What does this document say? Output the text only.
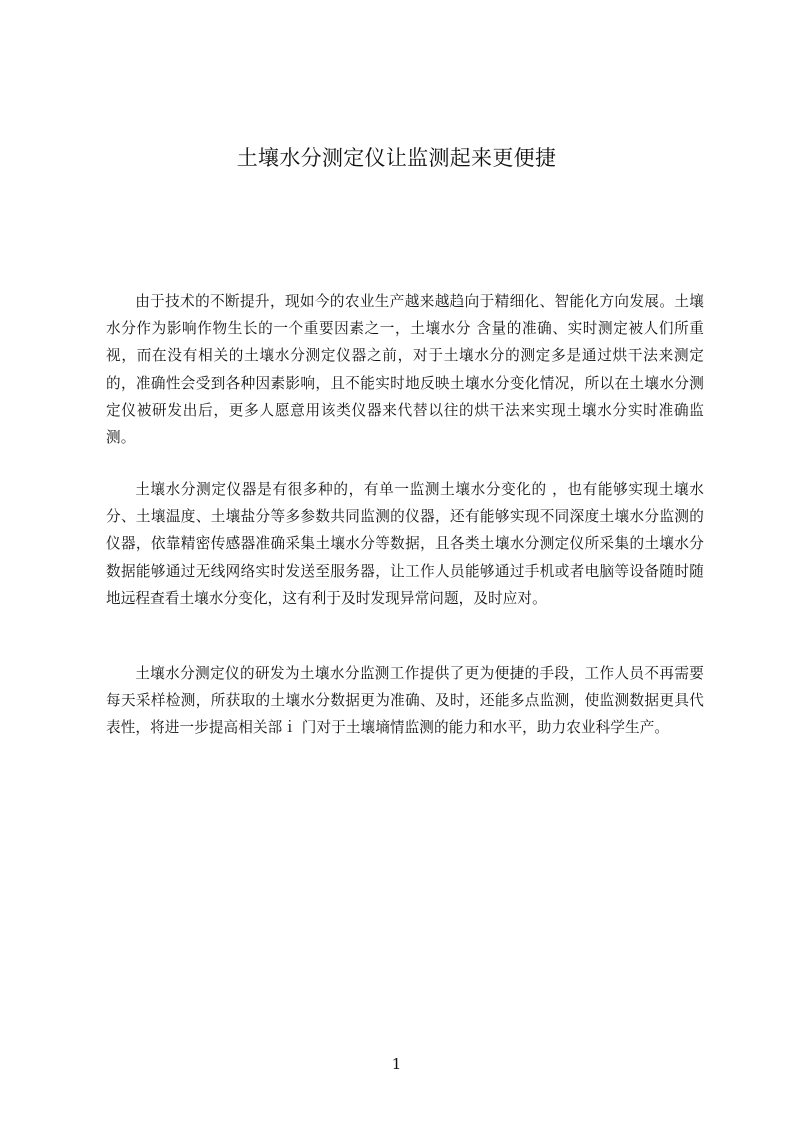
土壤水分测定仪让监测起来更便捷

由于技术的不断提升，现如今的农业生产越来越趋向于精细化、智能化方向发展。土壤水分作为影响作物生长的一个重要因素之一，土壤水分 含量的准确、实时测定被人们所重视，而在没有相关的土壤水分测定仪器之前，对于土壤水分的测定多是通过烘干法来测定的，准确性会受到各种因素影响，且不能实时地反映土壤水分变化情况，所以在土壤水分测定仪被研发出后，更多人愿意用该类仪器来代替以往的烘干法来实现土壤水分实时准确监测。

土壤水分测定仪器是有很多种的，有单一监测土壤水分变化的 ，也有能够实现土壤水分、土壤温度、土壤盐分等多参数共同监测的仪器，还有能够实现不同深度土壤水分监测的仪器，依靠精密传感器准确采集土壤水分等数据，且各类土壤水分测定仪所采集的土壤水分数据能够通过无线网络实时发送至服务器，让工作人员能够通过手机或者电脑等设备随时随地远程查看土壤水分变化，这有利于及时发现异常问题，及时应对。

土壤水分测定仪的研发为土壤水分监测工作提供了更为便捷的手段，工作人员不再需要每天采样检测，所获取的土壤水分数据更为准确、及时，还能多点监测，使监测数据更具代表性，将进一步提高相关部ｉ 门对于土壤墒情监测的能力和水平，助力农业科学生产。

1
